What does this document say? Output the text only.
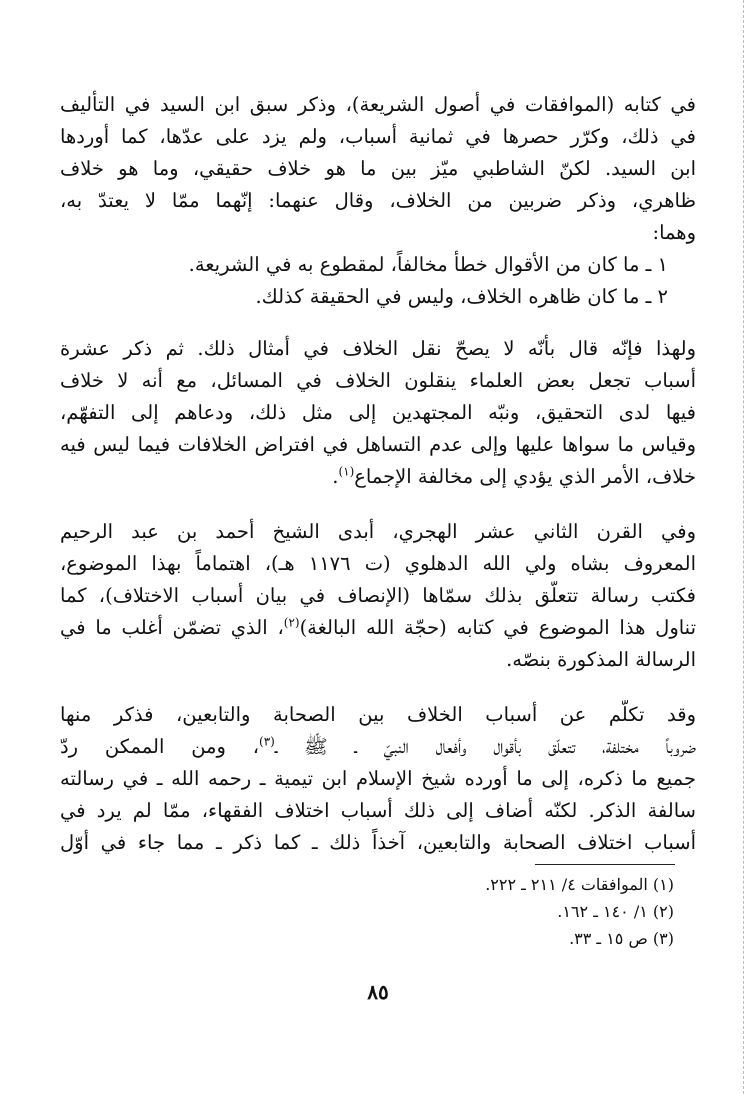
في كتابه (الموافقات في أصول الشريعة)، وذكر سبق ابن السيد في التأليف
في ذلك، وكرّر حصرها في ثمانية أسباب، ولم يزد على عدّها، كما أوردها
ابن السيد. لكنّ الشاطبي ميّز بين ما هو خلاف حقيقي، وما هو خلاف
ظاهري، وذكر ضربين من الخلاف، وقال عنهما: إنّهما ممّا لا يعتدّ به،
وهما:
١ ـ ما كان من الأقوال خطأً مخالفاً، لمقطوع به في الشريعة.
٢ ـ ما كان ظاهره الخلاف، وليس في الحقيقة كذلك.
ولهذا فإنّه قال بأنّه لا يصحّ نقل الخلاف في أمثال ذلك. ثم ذكر عشرة
أسباب تجعل بعض العلماء ينقلون الخلاف في المسائل، مع أنه لا خلاف
فيها لدى التحقيق، ونبّه المجتهدين إلى مثل ذلك، ودعاهم إلى التفهّم،
وقياس ما سواها عليها وإلى عدم التساهل في افتراض الخلافات فيما ليس فيه
خلاف، الأمر الذي يؤدي إلى مخالفة الإجماع$^{(١)}$.
وفي القرن الثاني عشر الهجري، أبدى الشيخ أحمد بن عبد الرحيم
المعروف بشاه ولي الله الدهلوي (ت ١١٧٦ هـ)، اهتماماً بهذا الموضوع،
فكتب رسالة تتعلّق بذلك سمّاها (الإنصاف في بيان أسباب الاختلاف)، كما
تناول هذا الموضوع في كتابه (حجّة الله البالغة)$^{(٢)}$، الذي تضمّن أغلب ما في
الرسالة المذكورة بنصّه.
وقد تكلّم عن أسباب الخلاف بين الصحابة والتابعين، فذكر منها
ضروباً مختلفة، تتعلّق بأقوال وأفعال النبيّ ـ ﷺ ـ$^{(٣)}$، ومن الممكن ردّ
جميع ما ذكره، إلى ما أورده شيخ الإسلام ابن تيمية ـ رحمه الله ـ في رسالته
سالفة الذكر. لكنّه أضاف إلى ذلك أسباب اختلاف الفقهاء، ممّا لم يرد في
أسباب اختلاف الصحابة والتابعين، آخذاً ذلك ـ كما ذكر ـ مما جاء في أوّل
(١) الموافقات ٤/ ٢١١ ـ ٢٢٢.
(٢) ١/ ١٤٠ ـ ١٦٢.
(٣) ص ١٥ ـ ٣٣.
٨٥
